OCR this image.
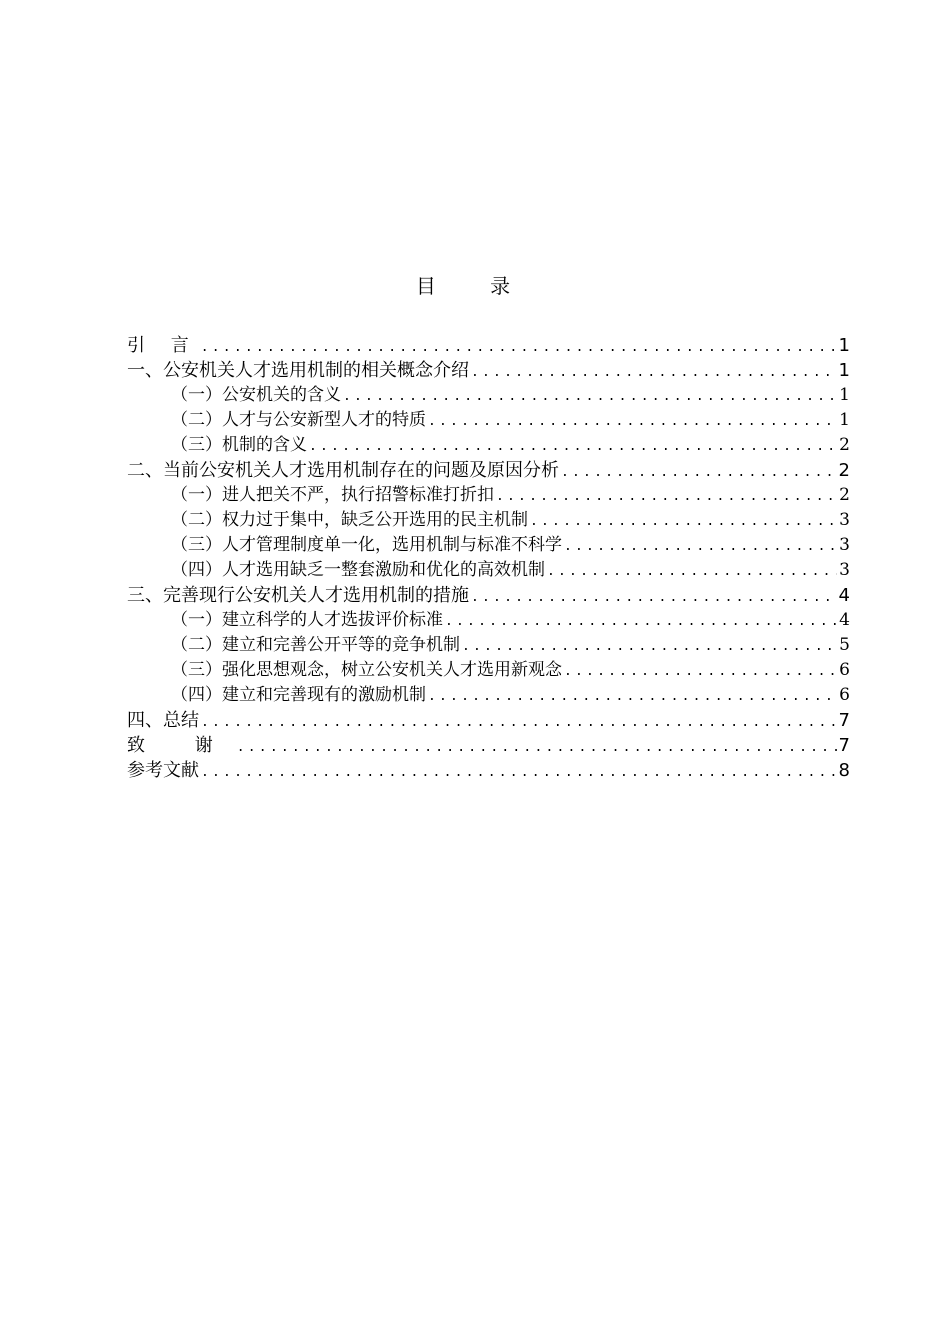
目 录
引 言 .....	1
一、公安机关人才选用机制的相关概念介绍 .....	1
（一）公安机关的含义 .....	1
（二）人才与公安新型人才的特质 .....	1
（三）机制的含义 .....	2
二、当前公安机关人才选用机制存在的问题及原因分析 .....	2
（一）进人把关不严，执行招警标准打折扣 .....	2
（二）权力过于集中，缺乏公开选用的民主机制 .....	3
（三）人才管理制度单一化，选用机制与标准不科学 .....	3
（四）人才选用缺乏一整套激励和优化的高效机制 .....	3
三、完善现行公安机关人才选用机制的措施 .....	4
（一）建立科学的人才选拔评价标准 .....	4
（二）建立和完善公开平等的竞争机制 .....	5
（三）强化思想观念，树立公安机关人才选用新观念 .....	6
（四）建立和完善现有的激励机制 .....	6
四、总结 .....	7
致 谢 .....	7
参考文献 .....	8
